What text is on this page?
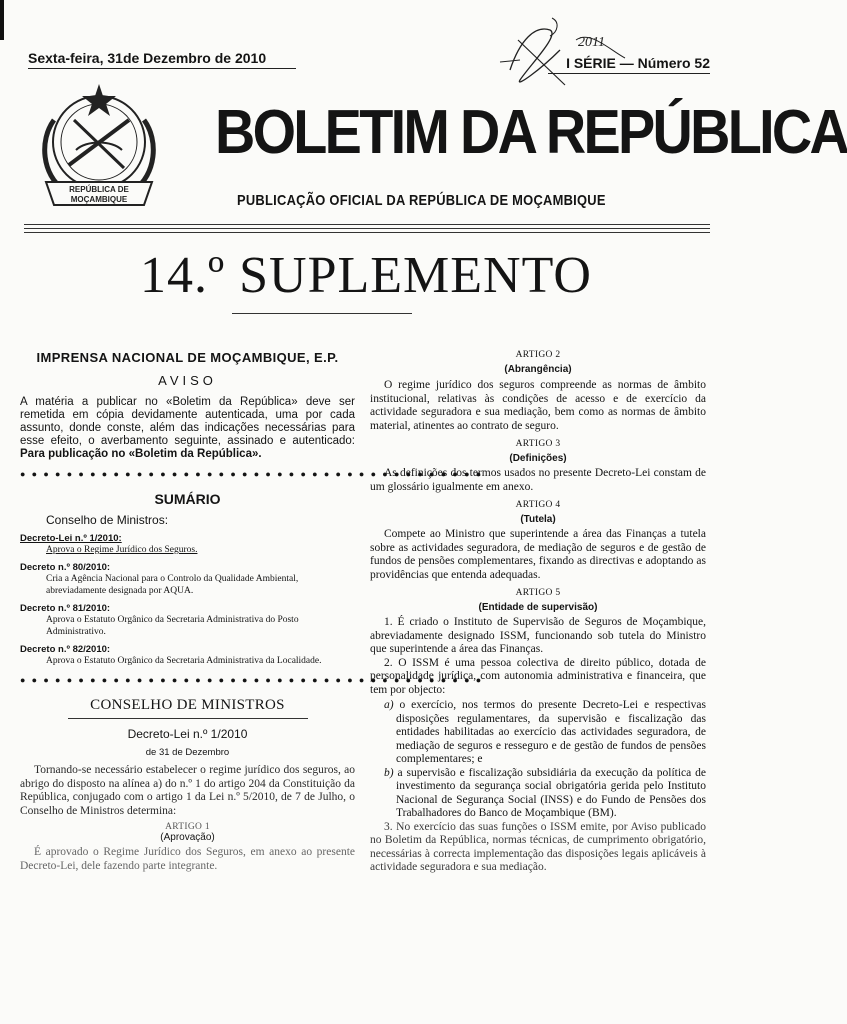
2011
Sexta-feira, 31de Dezembro de 2010	I SÉRIE — Número 52
REPÚBLICA DE
MOÇAMBIQUE
BOLETIM DA REPÚBLICA
PUBLICAÇÃO OFICIAL DA REPÚBLICA DE MOÇAMBIQUE
14.º SUPLEMENTO
IMPRENSA NACIONAL DE MOÇAMBIQUE, E.P.
AVISO
A matéria a publicar no «Boletim da República» deve ser remetida em cópia devidamente autenticada, uma por cada assunto, donde conste, além das indicações necessárias para esse efeito, o averbamento seguinte, assinado e autenticado: Para publicação no «Boletim da República».
● ● ● ● ● ● ● ● ● ● ● ● ● ● ● ● ● ● ● ● ● ● ● ● ● ● ● ● ● ● ● ● ● ● ● ● ● ● ● ●
SUMÁRIO
Conselho de Ministros:
Decreto-Lei n.º 1/2010:
Aprova o Regime Jurídico dos Seguros.
Decreto n.º 80/2010:
Cria a Agência Nacional para o Controlo da Qualidade Ambiental, abreviadamente designada por AQUA.
Decreto n.º 81/2010:
Aprova o Estatuto Orgânico da Secretaria Administrativa do Posto Administrativo.
Decreto n.º 82/2010:
Aprova o Estatuto Orgânico da Secretaria Administrativa da Localidade.
● ● ● ● ● ● ● ● ● ● ● ● ● ● ● ● ● ● ● ● ● ● ● ● ● ● ● ● ● ● ● ● ● ● ● ● ● ● ● ●
CONSELHO DE MINISTROS
Decreto-Lei n.º 1/2010
de 31 de Dezembro
Tornando-se necessário estabelecer o regime jurídico dos seguros, ao abrigo do disposto na alínea a) do n.º 1 do artigo 204 da Constituição da República, conjugado com o artigo 1 da Lei n.º 5/2010, de 7 de Julho, o Conselho de Ministros determina:
ARTIGO 1
(Aprovação)
É aprovado o Regime Jurídico dos Seguros, em anexo ao presente Decreto-Lei, dele fazendo parte integrante.
ARTIGO 2
(Abrangência)

O regime jurídico dos seguros compreende as normas de âmbito institucional, relativas às condições de acesso e de exercício da actividade seguradora e sua mediação, bem como as normas de âmbito material, atinentes ao contrato de seguro.

ARTIGO 3
(Definições)

As definições dos termos usados no presente Decreto-Lei constam de um glossário igualmente em anexo.

ARTIGO 4
(Tutela)

Compete ao Ministro que superintende a área das Finanças a tutela sobre as actividades seguradora, de mediação de seguros e de gestão de fundos de pensões complementares, fixando as directivas e adoptando as providências que entenda adequadas.

ARTIGO 5
(Entidade de supervisão)

1. É criado o Instituto de Supervisão de Seguros de Moçambique, abreviadamente designado ISSM, funcionando sob tutela do Ministro que superintende a área das Finanças.

2. O ISSM é uma pessoa colectiva de direito público, dotada de personalidade jurídica, com autonomia administrativa e financeira, que tem por objecto:

a) o exercício, nos termos do presente Decreto-Lei e respectivas disposições regulamentares, da supervisão e fiscalização das entidades habilitadas ao exercício das actividades seguradora, de mediação de seguros e resseguro e de gestão de fundos de pensões complementares; e

b) a supervisão e fiscalização subsidiária da execução da política de investimento da segurança social obrigatória gerida pelo Instituto Nacional de Segurança Social (INSS) e do Fundo de Pensões dos Trabalhadores do Banco de Moçambique (BM).

3. No exercício das suas funções o ISSM emite, por Aviso publicado no Boletim da República, normas técnicas, de cumprimento obrigatório, necessárias à correcta implementação das disposições legais aplicáveis à actividade seguradora e sua mediação.
